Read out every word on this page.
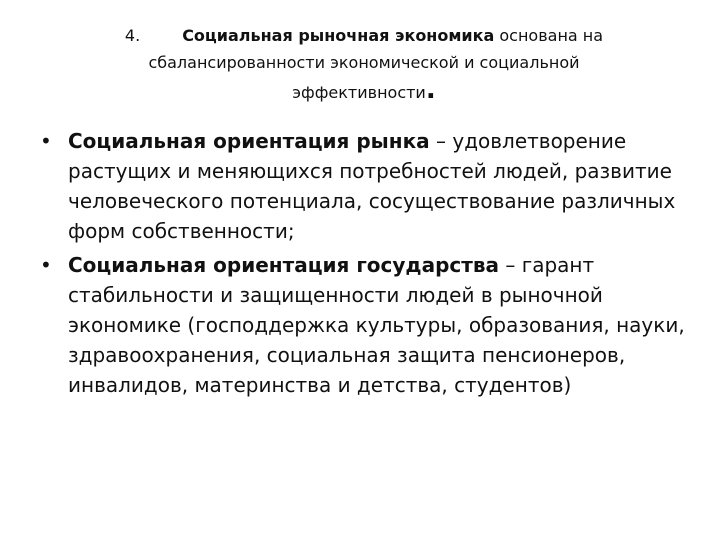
4.	Социальная рыночная экономика основана на
сбалансированности экономической и социальной
эффективности.
• Социальная ориентация рынка – удовлетворение растущих и меняющихся потребностей людей, развитие человеческого потенциала, сосуществование различных форм собственности;
• Социальная ориентация государства – гарант стабильности и защищенности людей в рыночной экономике (господдержка культуры, образования, науки, здравоохранения, социальная защита пенсионеров, инвалидов, материнства и детства, студентов)
